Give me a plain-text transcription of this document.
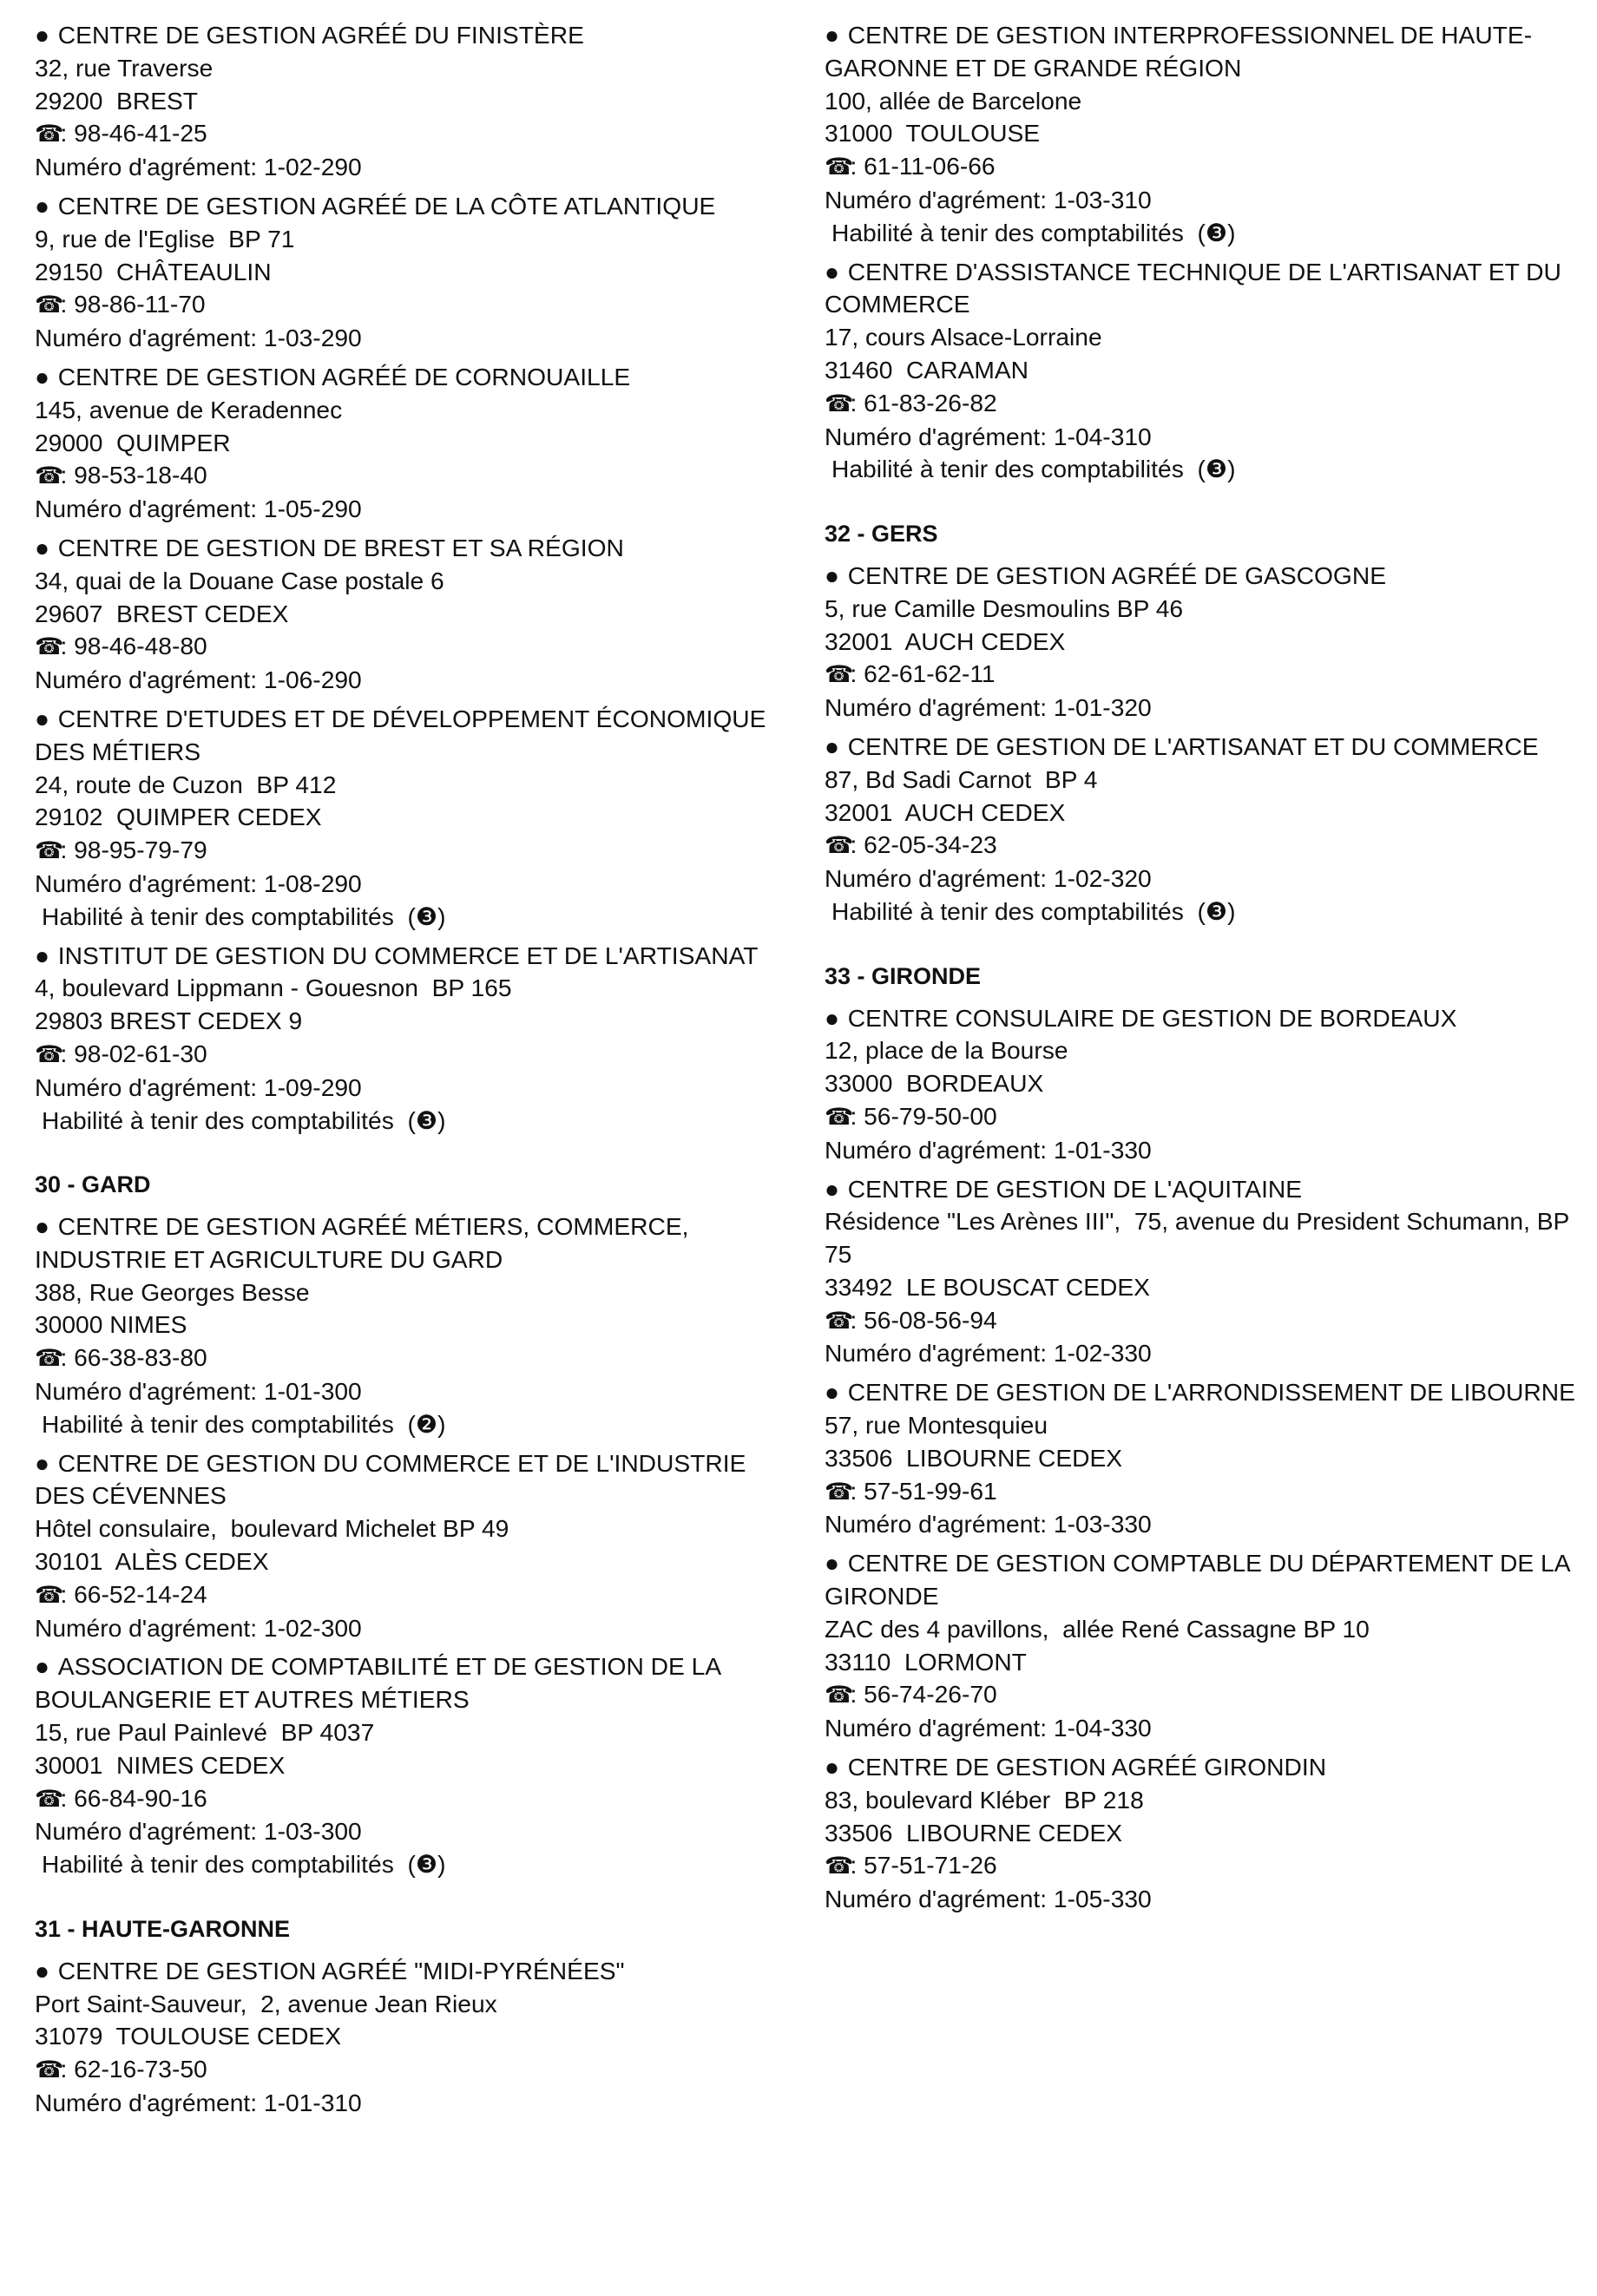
● CENTRE DE GESTION AGRÉÉ DU FINISTÈRE
32, rue Traverse
29200  BREST
☎: 98-46-41-25
Numéro d'agrément: 1-02-290
● CENTRE DE GESTION AGRÉÉ DE LA CÔTE ATLANTIQUE
9, rue de l'Eglise  BP 71
29150  CHÂTEAULIN
☎: 98-86-11-70
Numéro d'agrément: 1-03-290
● CENTRE DE GESTION AGRÉÉ DE CORNOUAILLE
145, avenue de Keradennec
29000  QUIMPER
☎: 98-53-18-40
Numéro d'agrément: 1-05-290
● CENTRE DE GESTION DE BREST ET SA RÉGION
34, quai de la Douane Case postale 6
29607  BREST CEDEX
☎: 98-46-48-80
Numéro d'agrément: 1-06-290
● CENTRE D'ETUDES ET DE DÉVELOPPEMENT ÉCONOMIQUE DES MÉTIERS
24, route de Cuzon  BP 412
29102  QUIMPER CEDEX
☎: 98-95-79-79
Numéro d'agrément: 1-08-290
Habilité à tenir des comptabilités  (❸)
● INSTITUT DE GESTION DU COMMERCE ET DE L'ARTISANAT
4, boulevard Lippmann - Gouesnon  BP 165
29803 BREST CEDEX 9
☎: 98-02-61-30
Numéro d'agrément: 1-09-290
Habilité à tenir des comptabilités  (❸)
30 - GARD
● CENTRE DE GESTION AGRÉÉ MÉTIERS, COMMERCE, INDUSTRIE ET AGRICULTURE DU GARD
388, Rue Georges Besse
30000 NIMES
☎: 66-38-83-80
Numéro d'agrément: 1-01-300
Habilité à tenir des comptabilités  (❷)
● CENTRE DE GESTION DU COMMERCE ET DE L'INDUSTRIE DES CÉVENNES
Hôtel consulaire,  boulevard Michelet BP 49
30101  ALÈS CEDEX
☎: 66-52-14-24
Numéro d'agrément: 1-02-300
● ASSOCIATION DE COMPTABILITÉ ET DE GESTION DE LA BOULANGERIE ET AUTRES MÉTIERS
15, rue Paul Painlevé  BP 4037
30001  NIMES CEDEX
☎: 66-84-90-16
Numéro d'agrément: 1-03-300
Habilité à tenir des comptabilités  (❸)
31 - HAUTE-GARONNE
● CENTRE DE GESTION AGRÉÉ "MIDI-PYRÉNÉES"
Port Saint-Sauveur,  2, avenue Jean Rieux
31079  TOULOUSE CEDEX
☎: 62-16-73-50
Numéro d'agrément: 1-01-310
● CENTRE DE GESTION INTERPROFESSIONNEL DE HAUTE-GARONNE ET DE GRANDE RÉGION
100, allée de Barcelone
31000  TOULOUSE
☎: 61-11-06-66
Numéro d'agrément: 1-03-310
Habilité à tenir des comptabilités  (❸)
● CENTRE D'ASSISTANCE TECHNIQUE DE L'ARTISANAT ET DU COMMERCE
17, cours Alsace-Lorraine
31460  CARAMAN
☎: 61-83-26-82
Numéro d'agrément: 1-04-310
Habilité à tenir des comptabilités  (❸)
32 - GERS
● CENTRE DE GESTION AGRÉÉ DE GASCOGNE
5, rue Camille Desmoulins BP 46
32001  AUCH CEDEX
☎: 62-61-62-11
Numéro d'agrément: 1-01-320
● CENTRE DE GESTION DE L'ARTISANAT ET DU COMMERCE
87, Bd Sadi Carnot  BP 4
32001  AUCH CEDEX
☎: 62-05-34-23
Numéro d'agrément: 1-02-320
Habilité à tenir des comptabilités  (❸)
33 - GIRONDE
● CENTRE CONSULAIRE DE GESTION DE BORDEAUX
12, place de la Bourse
33000  BORDEAUX
☎: 56-79-50-00
Numéro d'agrément: 1-01-330
● CENTRE DE GESTION DE L'AQUITAINE
Résidence "Les Arènes III",  75, avenue du President Schumann, BP 75
33492  LE BOUSCAT CEDEX
☎: 56-08-56-94
Numéro d'agrément: 1-02-330
● CENTRE DE GESTION DE L'ARRONDISSEMENT DE LIBOURNE
57, rue Montesquieu
33506  LIBOURNE CEDEX
☎: 57-51-99-61
Numéro d'agrément: 1-03-330
● CENTRE DE GESTION COMPTABLE DU DÉPARTEMENT DE LA GIRONDE
ZAC des 4 pavillons,  allée René Cassagne BP 10
33110  LORMONT
☎: 56-74-26-70
Numéro d'agrément: 1-04-330
● CENTRE DE GESTION AGRÉÉ GIRONDIN
83, boulevard Kléber  BP 218
33506  LIBOURNE CEDEX
☎: 57-51-71-26
Numéro d'agrément: 1-05-330
